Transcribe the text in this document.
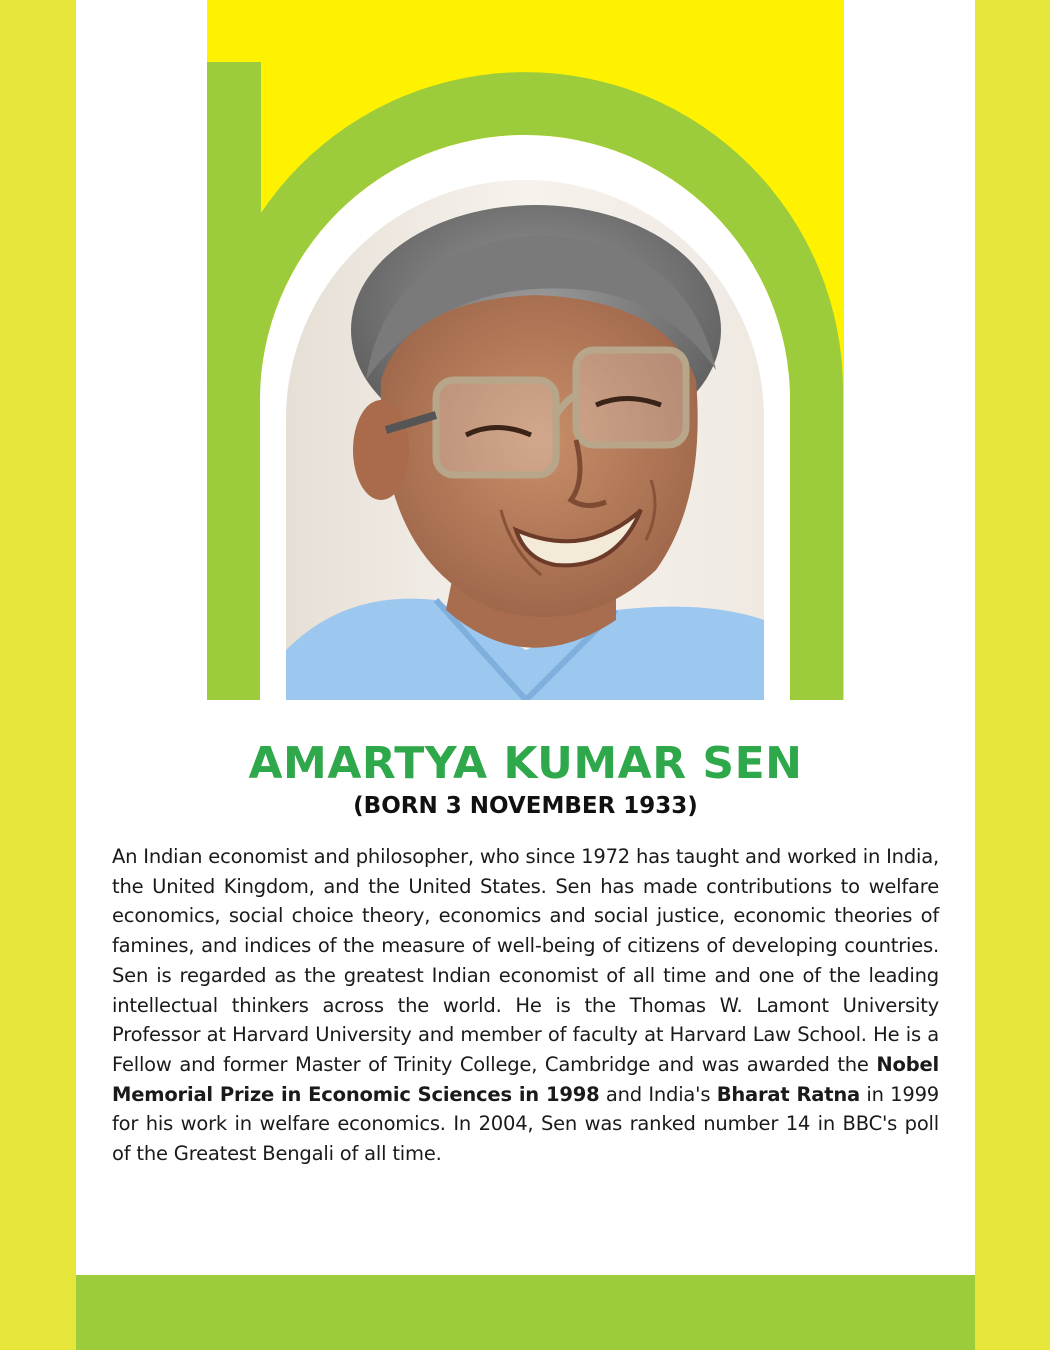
AMARTYA KUMAR SEN
(BORN 3 NOVEMBER 1933)

An Indian economist and philosopher, who since 1972 has taught and worked in India, the United Kingdom, and the United States. Sen has made contributions to welfare economics, social choice theory, economics and social justice, economic theories of famines, and indices of the measure of well-being of citizens of developing countries. Sen is regarded as the greatest Indian economist of all time and one of the leading intellectual thinkers across the world. He is the Thomas W. Lamont University Professor at Harvard University and member of faculty at Harvard Law School. He is a Fellow and former Master of Trinity College, Cambridge and was awarded the Nobel Memorial Prize in Economic Sciences in 1998 and India's Bharat Ratna in 1999 for his work in welfare economics. In 2004, Sen was ranked number 14 in BBC's poll of the Greatest Bengali of all time.
